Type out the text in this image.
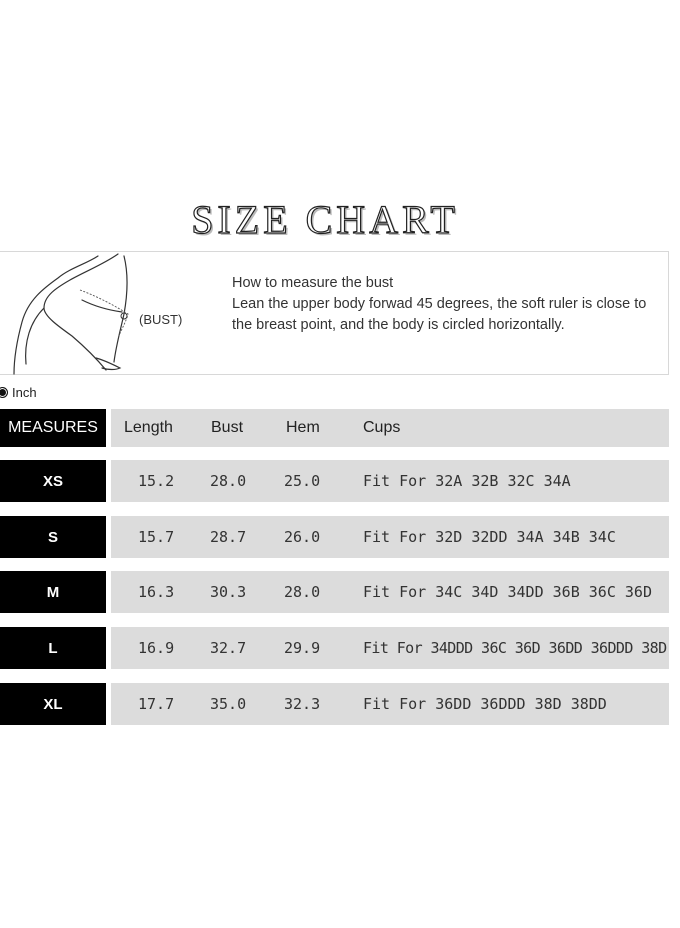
SIZE CHART
(BUST)
How to measure the bust
Lean the upper body forwad 45 degrees, the soft ruler is close to the breast point, and the body is circled horizontally.
Inch
MEASURES	Length Bust	Hem	Cups
XS	15.2 28.0	25.0	Fit For 32A 32B 32C 34A
S	15.7 28.7	26.0	Fit For 32D 32DD 34A 34B 34C
M	16.3 30.3	28.0	Fit For 34C 34D 34DD 36B 36C 36D
L	16.9 32.7	29.9	Fit For 34DDD 36C 36D 36DD 36DDD 38D
XL	17.7 35.0	32.3	Fit For 36DD 36DDD 38D 38DD
